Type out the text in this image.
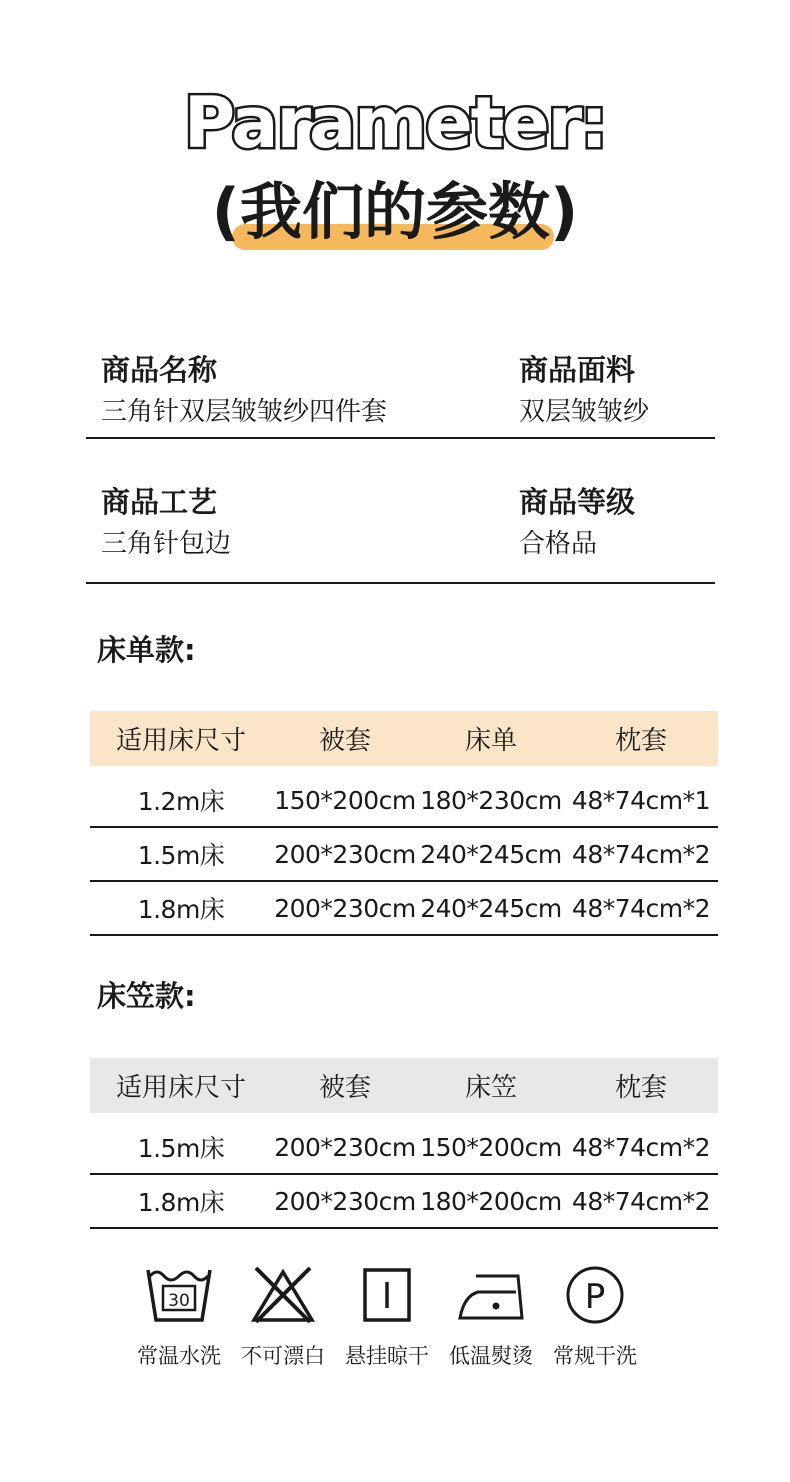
Parameter:
(我们的参数)
商品名称
三角针双层皱皱纱四件套
商品面料
双层皱皱纱
商品工艺
三角针包边
商品等级
合格品
床单款:
适用床尺寸	被套	床单	枕套
1.2m床	150*200cm 180*230cm 48*74cm*1
1.5m床	200*230cm 240*245cm 48*74cm*2
1.8m床	200*230cm 240*245cm 48*74cm*2
床笠款:
适用床尺寸	被套	床笠	枕套
1.5m床	200*230cm 150*200cm 48*74cm*2
1.8m床	200*230cm 180*200cm 48*74cm*2
30
常温水洗 不可漂白 悬挂晾干 低温熨烫
P
常规干洗
